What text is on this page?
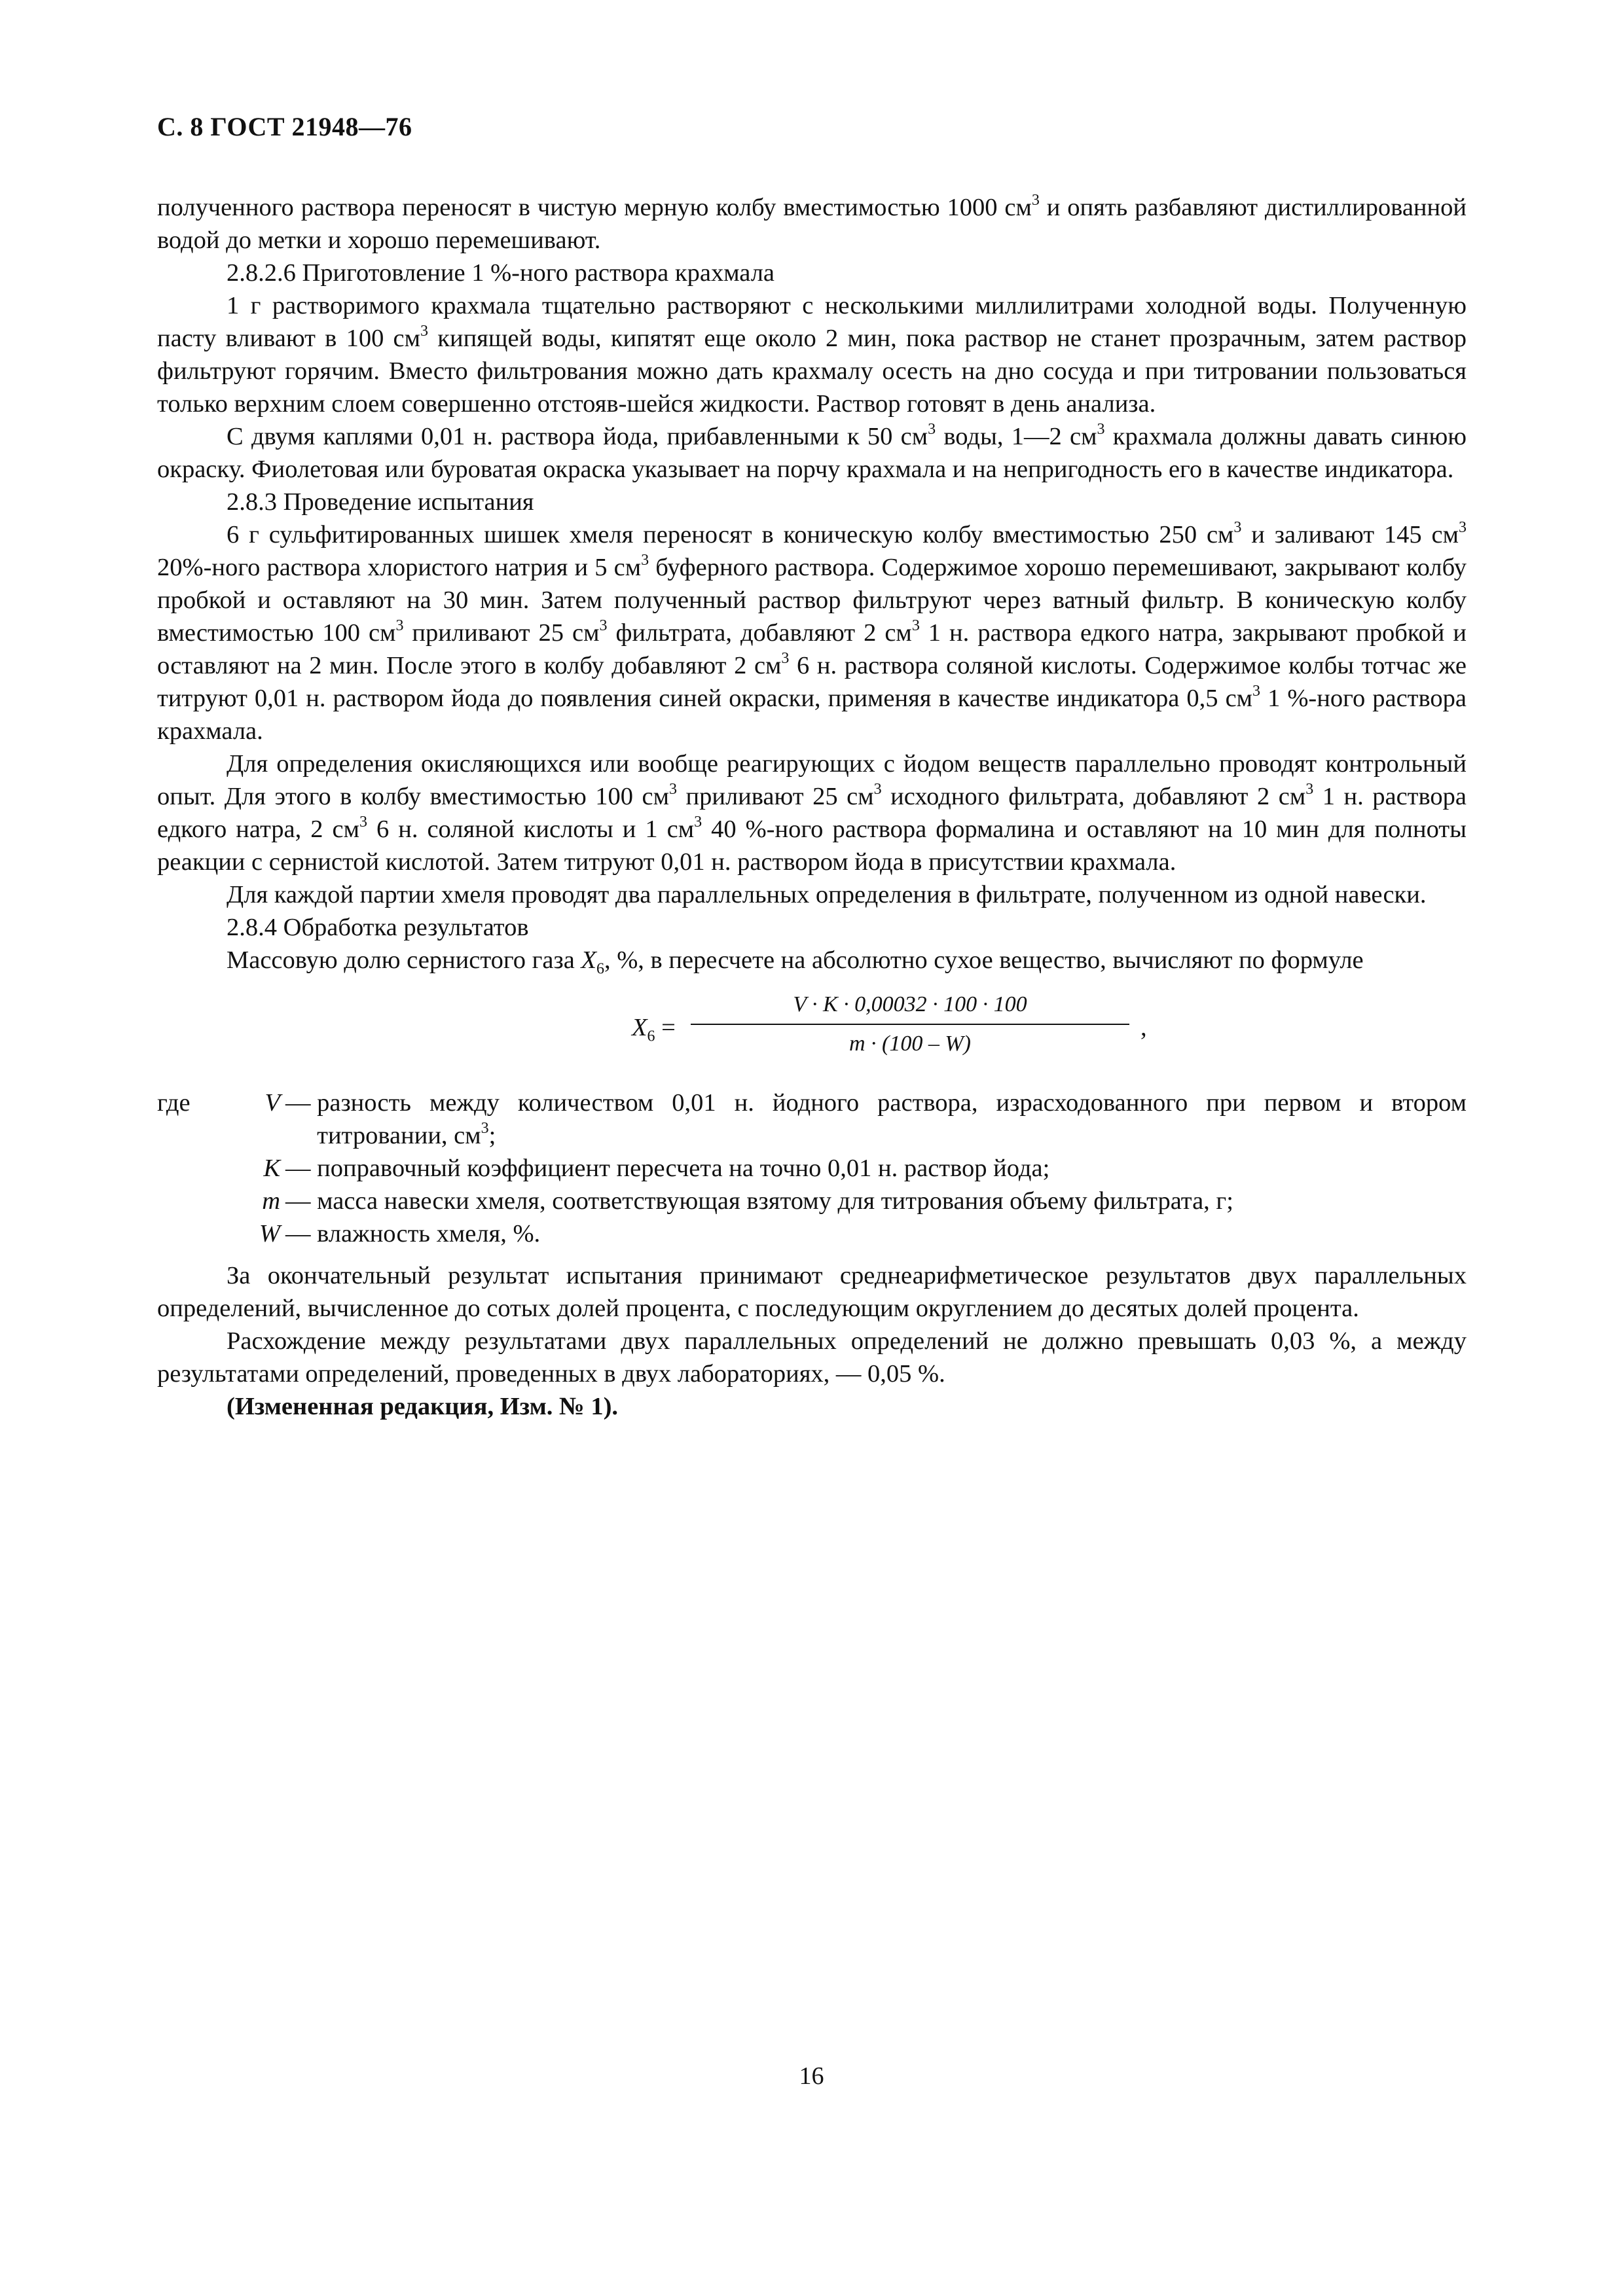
С. 8 ГОСТ 21948—76

полученного раствора переносят в чистую мерную колбу вместимостью 1000 $см^3$ и опять разбавляют дистиллированной водой до метки и хорошо перемешивают.

2.8.2.6 Приготовление 1 %-ного раствора крахмала

1 г растворимого крахмала тщательно растворяют с несколькими миллилитрами холодной воды. Полученную пасту вливают в 100 $см^3$ кипящей воды, кипятят еще около 2 мин, пока раствор не станет прозрачным, затем раствор фильтруют горячим. Вместо фильтрования можно дать крахмалу осесть на дно сосуда и при титровании пользоваться только верхним слоем совершенно отстояв-шейся жидкости. Раствор готовят в день анализа.

С двумя каплями 0,01 н. раствора йода, прибавленными к 50 $см^3$ воды, 1—2 $см^3$ крахмала должны давать синюю окраску. Фиолетовая или буроватая окраска указывает на порчу крахмала и на непригодность его в качестве индикатора.

2.8.3 Проведение испытания

6 г сульфитированных шишек хмеля переносят в коническую колбу вместимостью 250 $см^3$ и заливают 145 $см^3$ 20%-ного раствора хлористого натрия и 5 $см^3$ буферного раствора. Содержимое хорошо перемешивают, закрывают колбу пробкой и оставляют на 30 мин. Затем полученный раствор фильтруют через ватный фильтр. В коническую колбу вместимостью 100 $см^3$ приливают 25 $см^3$ фильтрата, добавляют 2 $см^3$ 1 н. раствора едкого натра, закрывают пробкой и оставляют на 2 мин. После этого в колбу добавляют 2 $см^3$ 6 н. раствора соляной кислоты. Содержимое колбы тотчас же титруют 0,01 н. раствором йода до появления синей окраски, применяя в качестве индикатора 0,5 $см^3$ 1 %-ного раствора крахмала.

Для определения окисляющихся или вообще реагирующих с йодом веществ параллельно проводят контрольный опыт. Для этого в колбу вместимостью 100 $см^3$ приливают 25 $см^3$ исходного фильтрата, добавляют 2 $см^3$ 1 н. раствора едкого натра, 2 $см^3$ 6 н. соляной кислоты и 1 $см^3$ 40 %-ного раствора формалина и оставляют на 10 мин для полноты реакции с сернистой кислотой. Затем титруют 0,01 н. раствором йода в присутствии крахмала.

Для каждой партии хмеля проводят два параллельных определения в фильтрате, полученном из одной навески.

2.8.4 Обработка результатов

Массовую долю сернистого газа $X_6$, %, в пересчете на абсолютно сухое вещество, вычисляют по формуле

$X_6 = \frac{V \cdot K \cdot 0,00032 \cdot 100 \cdot 100}{m \cdot (100 - W)}$ ,
где	V — разность между количеством 0,01 н. йодного раствора, израсходованного при первом и втором титровании, $см^3$;
K — поправочный коэффициент пересчета на точно 0,01 н. раствор йода;
m — масса навески хмеля, соответствующая взятому для титрования объему фильтрата, г;
W — влажность хмеля, %.

За окончательный результат испытания принимают среднеарифметическое результатов двух параллельных определений, вычисленное до сотых долей процента, с последующим округлением до десятых долей процента.

Расхождение между результатами двух параллельных определений не должно превышать 0,03 %, а между результатами определений, проведенных в двух лабораториях, — 0,05 %.

(Измененная редакция, Изм. № 1).

16
